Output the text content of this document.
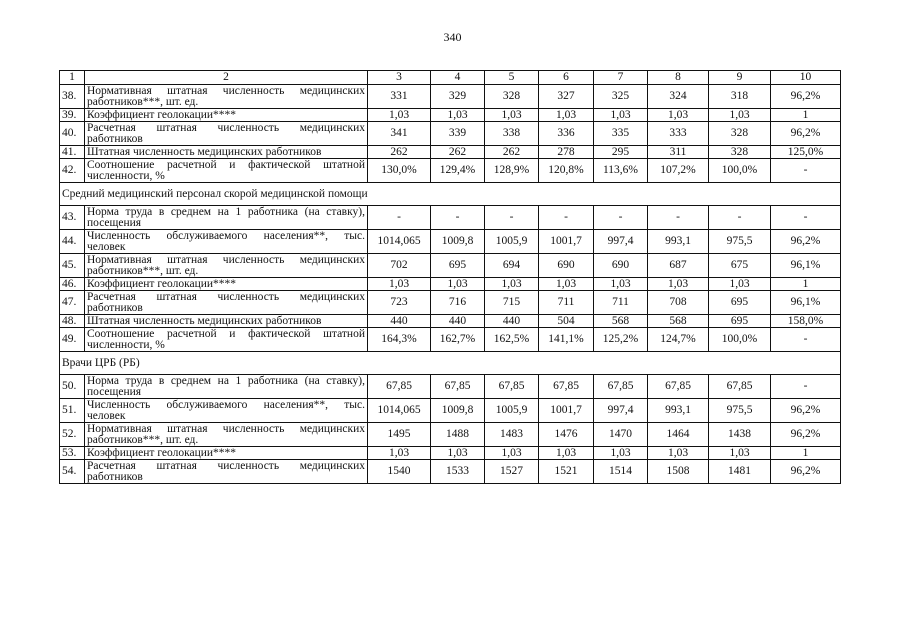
340
1	2	3	4	5	6	7	8	9	10
38.	Нормативная штатная численность медицинских работников***, шт. ед.	331	329	328	327	325	324	318	96,2%
39.	Коэффициент геолокации****	1,03	1,03	1,03	1,03	1,03	1,03	1,03	1
40.	Расчетная штатная численность медицинских работников	341	339	338	336	335	333	328	96,2%
41.	Штатная численность медицинских работников	262	262	262	278	295	311	328	125,0%
42.	Соотношение расчетной и фактической штатной численности, %	130,0%	129,4%	128,9%	120,8%	113,6%	107,2%	100,0%	-
Средний медицинский персонал скорой медицинской помощи									
43.	Норма труда в среднем на 1 работника (на ставку), посещения	-	-	-	-	-	-	-	-
44.	Численность обслуживаемого населения**, тыс. человек	1014,065	1009,8	1005,9	1001,7	997,4	993,1	975,5	96,2%
45.	Нормативная штатная численность медицинских работников***, шт. ед.	702	695	694	690	690	687	675	96,1%
46.	Коэффициент геолокации****	1,03	1,03	1,03	1,03	1,03	1,03	1,03	1
47.	Расчетная штатная численность медицинских работников	723	716	715	711	711	708	695	96,1%
48.	Штатная численность медицинских работников	440	440	440	504	568	568	695	158,0%
49.	Соотношение расчетной и фактической штатной численности, %	164,3%	162,7%	162,5%	141,1%	125,2%	124,7%	100,0%	-
Врачи ЦРБ (РБ)									
50.	Норма труда в среднем на 1 работника (на ставку), посещения	67,85	67,85	67,85	67,85	67,85	67,85	67,85	-
51.	Численность обслуживаемого населения**, тыс. человек	1014,065	1009,8	1005,9	1001,7	997,4	993,1	975,5	96,2%
52.	Нормативная штатная численность медицинских работников***, шт. ед.	1495	1488	1483	1476	1470	1464	1438	96,2%
53.	Коэффициент геолокации****	1,03	1,03	1,03	1,03	1,03	1,03	1,03	1
54.	Расчетная штатная численность медицинских работников	1540	1533	1527	1521	1514	1508	1481	96,2%
